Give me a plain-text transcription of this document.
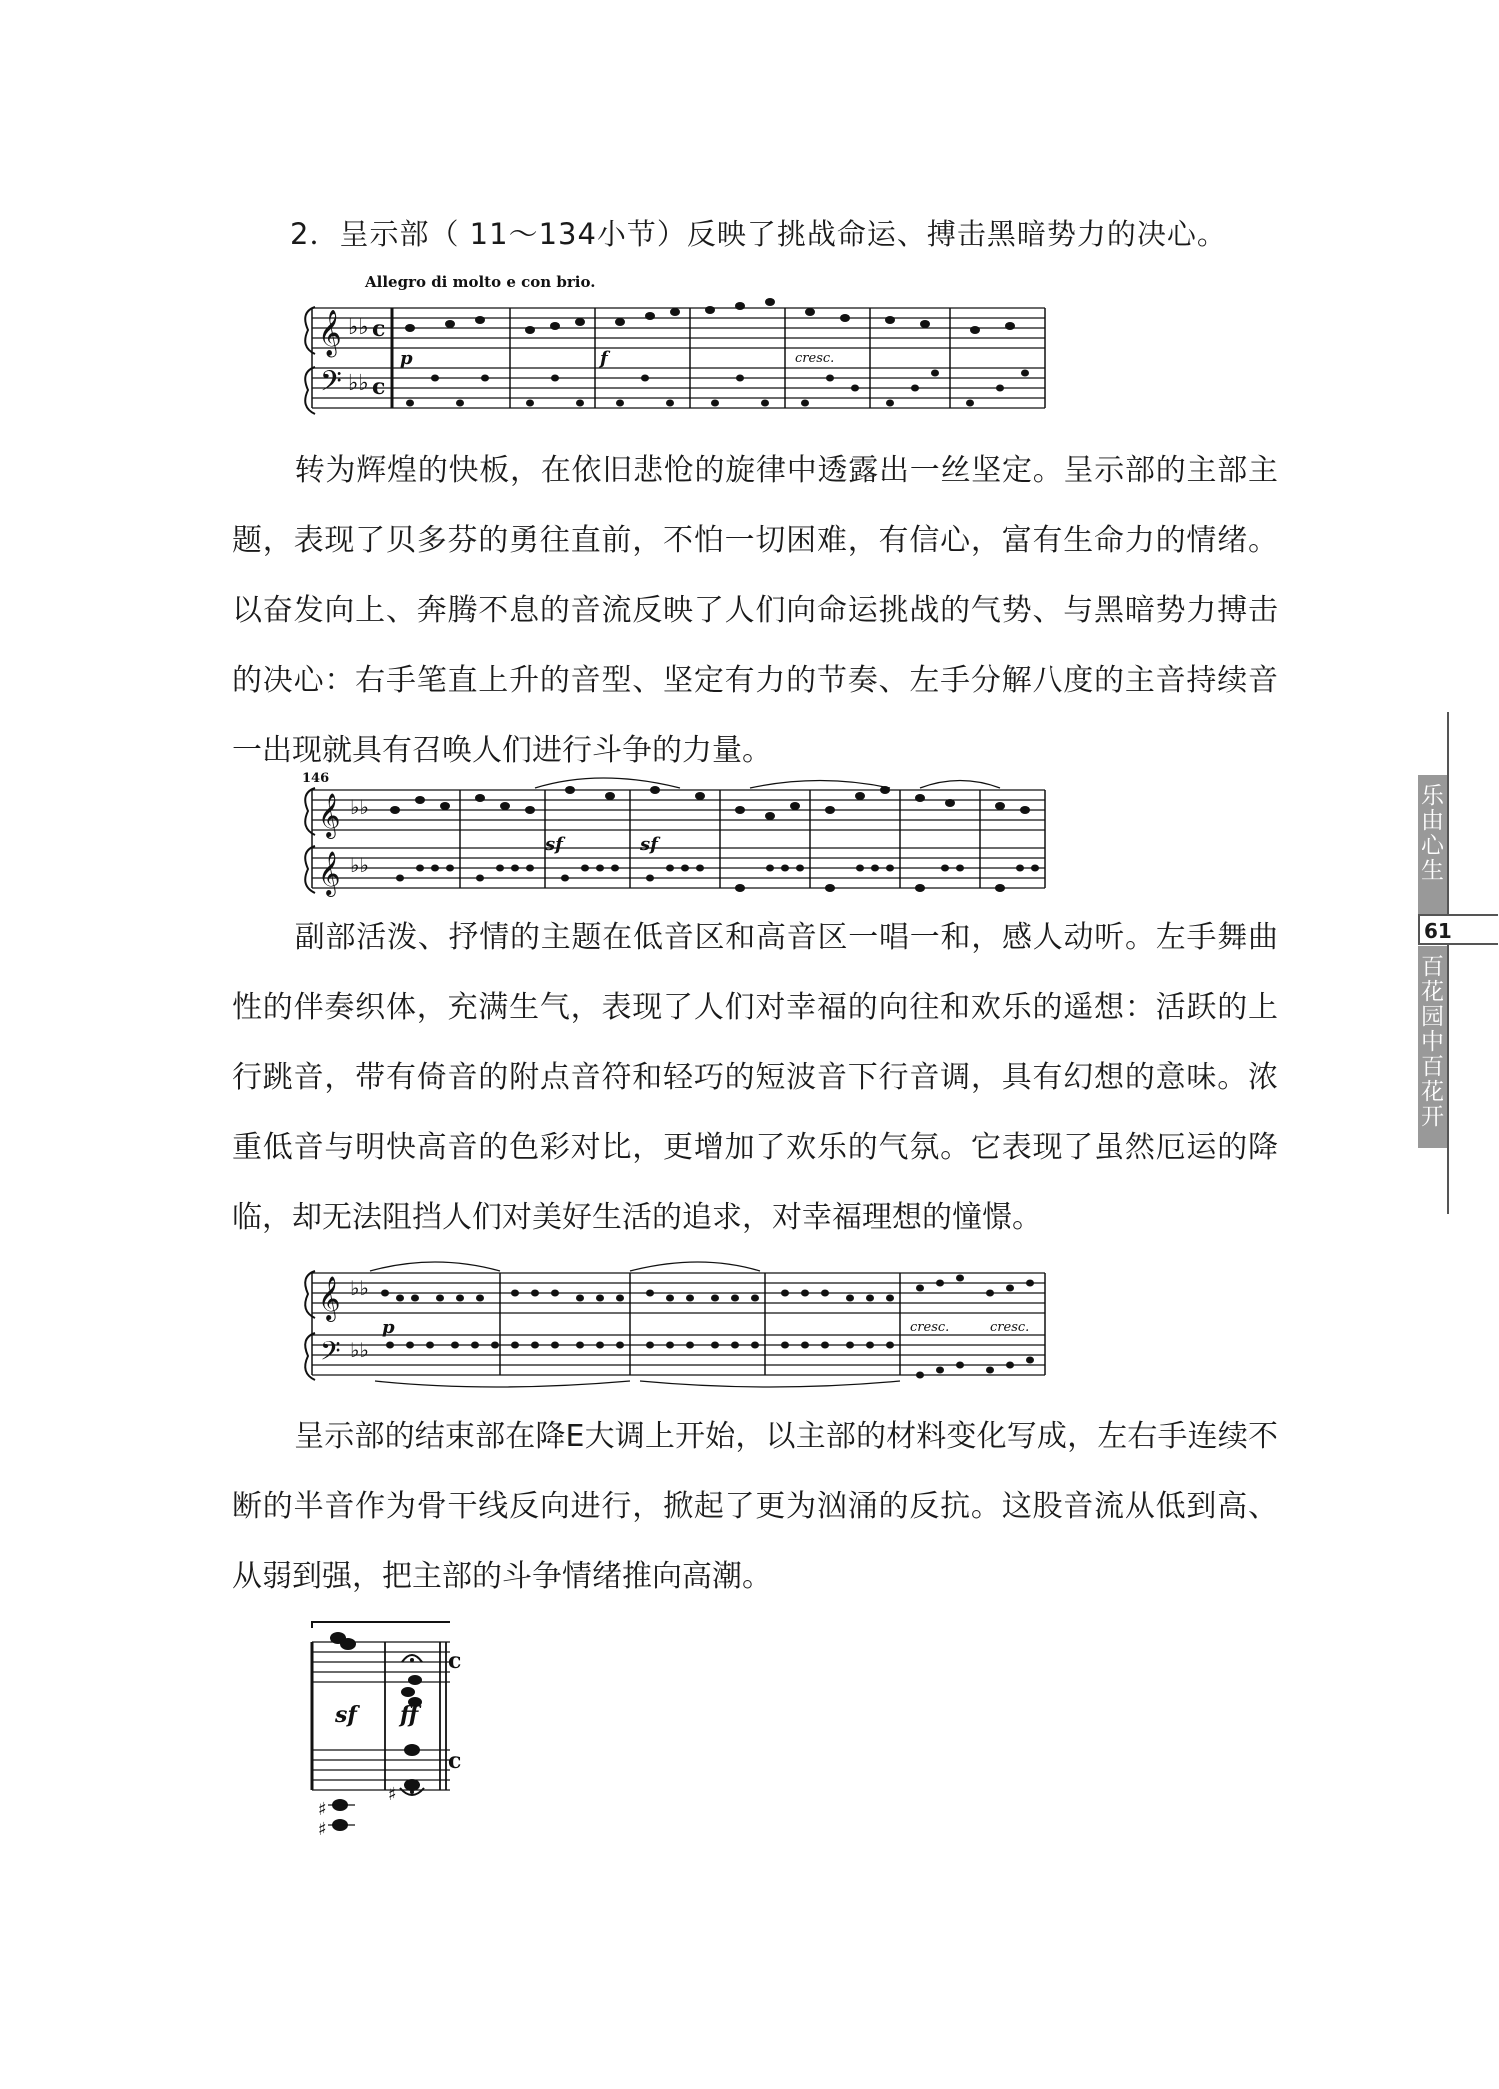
2．呈示部（ 11～134小节）反映了挑战命运、搏击黑暗势力的决心。
Allegro di molto e con brio.
𝄞
𝄢
♭♭
♭♭
c
c
p	f	cresc.

转为辉煌的快板，在依旧悲怆的旋律中透露出一丝坚定。呈示部的主部主题，表现了贝多芬的勇往直前，不怕一切困难，有信心，富有生命力的情绪。以奋发向上、奔腾不息的音流反映了人们向命运挑战的气势、与黑暗势力搏击的决心：右手笔直上升的音型、坚定有力的节奏、左手分解八度的主音持续音一出现就具有召唤人们进行斗争的力量。

146
𝄞
𝄞
♭♭
♭♭
sf	sf

副部活泼、抒情的主题在低音区和高音区一唱一和，感人动听。左手舞曲性的伴奏织体，充满生气，表现了人们对幸福的向往和欢乐的遥想：活跃的上行跳音，带有倚音的附点音符和轻巧的短波音下行音调，具有幻想的意味。浓重低音与明快高音的色彩对比，更增加了欢乐的气氛。它表现了虽然厄运的降临，却无法阻挡人们对美好生活的追求，对幸福理想的憧憬。

𝄞
𝄢
♭♭
♭♭
p	cresc.	cresc.

呈示部的结束部在降E大调上开始，以主部的材料变化写成，左右手连续不断的半音作为骨干线反向进行，掀起了更为汹涌的反抗。这股音流从低到高、从弱到强，把主部的斗争情绪推向高潮。

♯
♯
♯
c
c
sf ff
乐由心生
61
百花园中百花开
